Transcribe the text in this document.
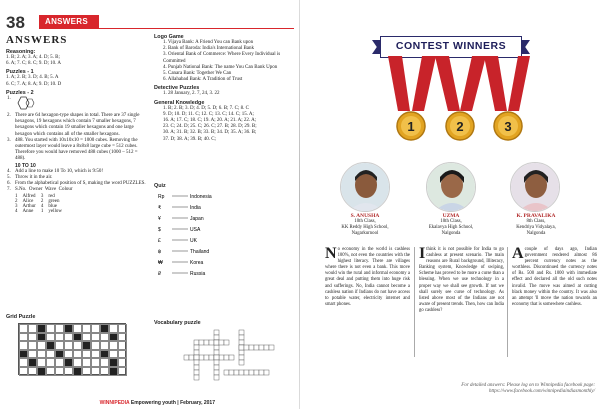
38	ANSWERS
ANSWERS
Reasoning:
1. B; 2. A; 3. A; 4. D; 5. B;
6. A; 7. C; 8. C; 9. D; 10. A
Puzzles - 1
1. A; 2. B; 3. D; 4. B; 5. A
6. C; 7. A; 8. A; 9. D; 10. D
Puzzles - 2
1.
2. There are 64 hexagon-type shapes in total. There are 37 single hexagons, 19 hexagons which contain 7 smaller hexagons, 7 hexagons which contain 19 smaller hexagons and one large hexagon which contains all of the smaller hexagons.
3. 488. You started with 10x10x10 = 1000 cubes. Removing the outermost layer would leave a 8x8x8 large cube = 512 cubes. Therefore you would have removed 488 cubes (1000 – 512 = 488).
10 TO 10
4. Add a line to make 10 To 10, which is 9:50!
5. Throw it in the air.
6. From the alphabetical position of S, making the word PUZZLES.
7. S.No.  Owner  Wave  Colour
1	Alfred	3	red
2	Alice	2	green
3	Arthur	4	blue
4	Anne	1	yellow
Grid Puzzle
Logo Game
1. Vijaya Bank: A Friend You can Bank upon
2. Bank of Baroda: India's International Bank
3. Oriental Bank of Commerce: Where Every Individual is Committed
4. Punjab National Bank: The name You Can Bank Upon
5. Canara Bank: Together We Can
6. Allahabad Bank: A Tradition of Trust
Detective Puzzles
1. 28 January, 2. 7, 24, 3. 22
General Knowledge
1. B; 2. B; 3. D; 4. D; 5. D; 6. B; 7. C; 8. C
9. D; 10. D; 11. C; 12. C; 13. C; 14. C; 15. A;
16. A; 17. C; 18. C; 19. A; 20. A; 21. A; 22. A;
23. C; 24. D; 25. C; 26. C; 27. B; 28. D; 29. B;
30. A; 31. B; 32. B; 33. B; 34. D; 35. A; 36. B;
37. D; 38. A; 39. B; 40. C;
Quiz
Rp	Indonesia
₹	India
¥	Japan
$	USA
£	UK
฿	Thailand
₩	Korea
₽	Russia
Vocabulary puzzle
WINNIPEDIA Empowering youth | February, 2017
CONTEST WINNERS
1	2	3
S. ANUSHA
10th Class,
KK Reddy High School,
Nagarkurnool
UZMA
10th Class,
Ekalavya High School,
Nalgonda
K. PRAVALIKA
8th Class,
Kendriya Vidyalaya,
Nalgonda
No economy in the world is cashless 100%, not even the countries with the highest literacy. There are villages where there is not even a bank. This move would win the rural and informal economy a great deal and putting them into huge risk and sufferings. No, India cannot become a cashless nation if Indians do not have access to potable water, electricity internet and smart phones.
Ithink it is not possible for India to go cashless at present scenario. The main reasons are Rural background, Illiteracy, Banking system, Knowledge of swiping, Scheme has proved to be more a curse than a blessing. When we use technology in a proper way we shall see growth. If not we shall surely see curse of technology. As listed above most of the Indians are not aware of present trends. Then, how can India go cashless?
Acouple of days ago, Indian government rendered almost 86 percent currency notes as the worthless. Discontinued the currency notes of Rs. 500 and Rs. 1000 with immediate effect and declared all the old such notes invalid. The move was aimed at cutting black money within the country. It was also an attempt 'll move the nation towards an economy that is somewhere cashless.
For detailed answers: Please log on to Winnipedia facebook page:
https://www.facebook.com/winnipediaindiasmonthly/
